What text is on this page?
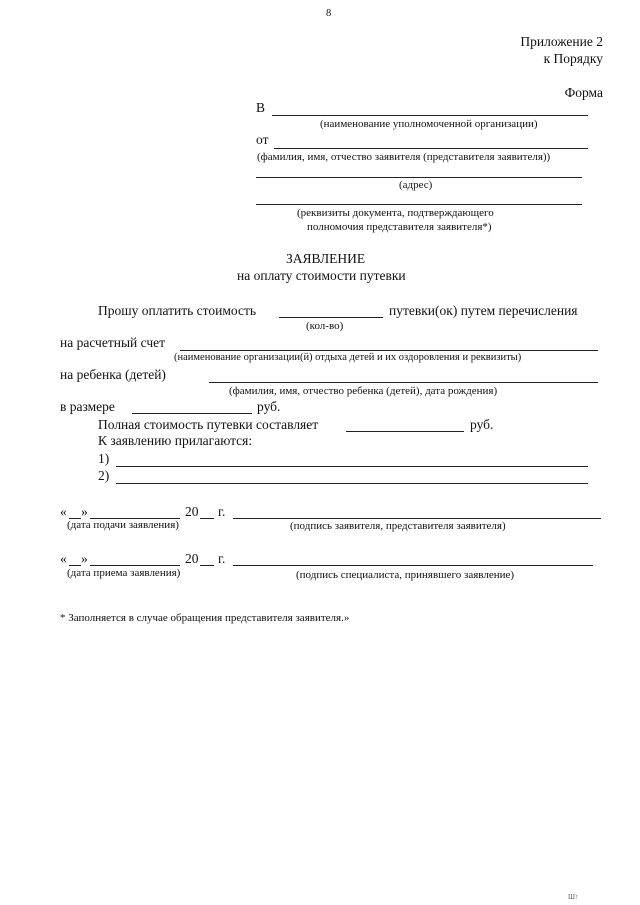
8
Приложение 2
к Порядку
Форма
В
(наименование уполномоченной организации)
от
(фамилия, имя, отчество заявителя (представителя заявителя))
(адрес)
(реквизиты документа, подтверждающего
полномочия представителя заявителя*)
ЗАЯВЛЕНИЕ
на оплату стоимости путевки
Прошу оплатить стоимость	путевки(ок) путем перечисления
(кол-во)
на расчетный счет
(наименование организации(й) отдыха детей и их оздоровления и реквизиты)
на ребенка (детей)
(фамилия, имя, отчество ребенка (детей), дата рождения)
в размере	руб.
Полная стоимость путевки составляет	руб.
К заявлению прилагаются:
1)
2)
« »	20 г.
(дата подачи заявления)	(подпись заявителя, представителя заявителя)
« »	20 г.
(дата приема заявления)	(подпись специалиста, принявшего заявление)
* Заполняется в случае обращения представителя заявителя.»
Ш↑
